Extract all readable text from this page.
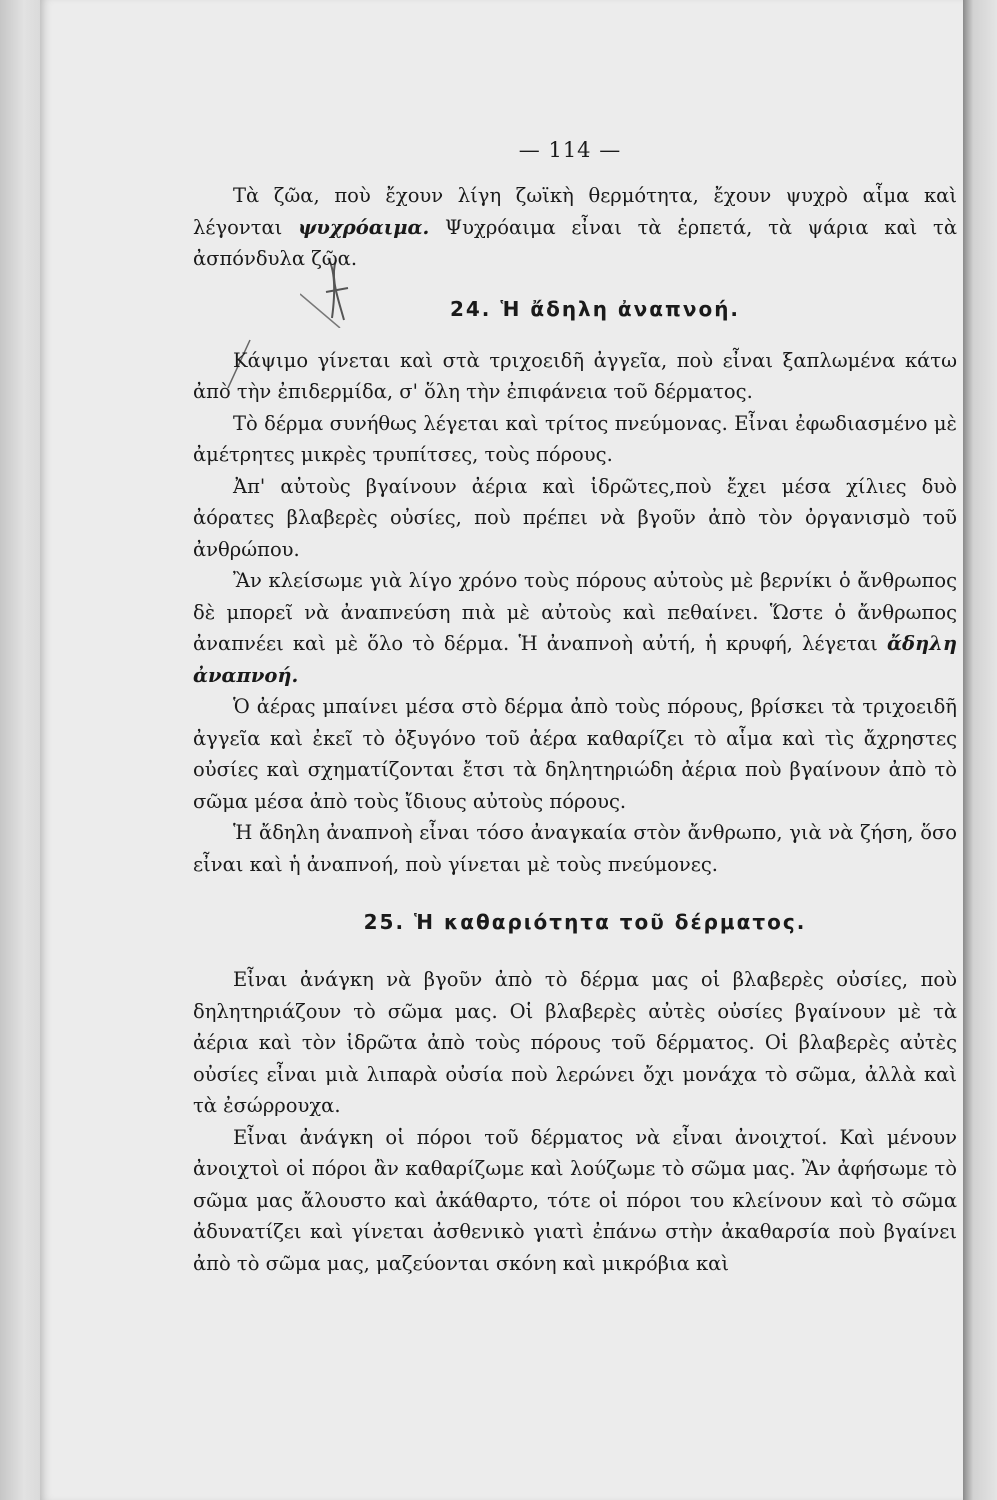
— 114 —

Τὰ ζῶα, ποὺ ἔχουν λίγη ζωϊκὴ θερμότητα, ἔχουν ψυχρὸ αἷμα καὶ λέγονται ψυχρόαιμα. Ψυχρόαιμα εἶναι τὰ ἑρπετά, τὰ ψάρια καὶ τὰ ἀσπόνδυλα ζῶα.

24. Ἡ ἄδηλη ἀναπνοή.

Κάψιμο γίνεται καὶ στὰ τριχοειδῆ ἀγγεῖα, ποὺ εἶναι ξαπλωμένα κάτω ἀπὸ τὴν ἐπιδερμίδα, σ' ὅλη τὴν ἐπιφάνεια τοῦ δέρματος.

Τὸ δέρμα συνήθως λέγεται καὶ τρίτος πνεύμονας. Εἶναι ἐφωδιασμένο μὲ ἀμέτρητες μικρὲς τρυπίτσες, τοὺς πόρους.

Ἀπ' αὐτοὺς βγαίνουν ἀέρια καὶ ἱδρῶτες,ποὺ ἔχει μέσα χίλιες δυὸ ἀόρατες βλαβερὲς οὐσίες, ποὺ πρέπει νὰ βγοῦν ἀπὸ τὸν ὀργανισμὸ τοῦ ἀνθρώπου.

Ἂν κλείσωμε γιὰ λίγο χρόνο τοὺς πόρους αὐτοὺς μὲ βερνίκι ὁ ἄνθρωπος δὲ μπορεῖ νὰ ἀναπνεύση πιὰ μὲ αὐτοὺς καὶ πεθαίνει. Ὥστε ὁ ἄνθρωπος ἀναπνέει καὶ μὲ ὅλο τὸ δέρμα. Ἡ ἀναπνοὴ αὐτή, ἡ κρυφή, λέγεται ἄδηλη ἀναπνοή.

Ὁ ἀέρας μπαίνει μέσα στὸ δέρμα ἀπὸ τοὺς πόρους, βρίσκει τὰ τριχοειδῆ ἀγγεῖα καὶ ἐκεῖ τὸ ὀξυγόνο τοῦ ἀέρα καθαρίζει τὸ αἷμα καὶ τὶς ἄχρηστες οὐσίες καὶ σχηματίζονται ἔτσι τὰ δηλητηριώδη ἀέρια ποὺ βγαίνουν ἀπὸ τὸ σῶμα μέσα ἀπὸ τοὺς ἴδιους αὐτοὺς πόρους.

Ἡ ἄδηλη ἀναπνοὴ εἶναι τόσο ἀναγκαία στὸν ἄνθρωπο, γιὰ νὰ ζήση, ὅσο εἶναι καὶ ἡ ἀναπνοή, ποὺ γίνεται μὲ τοὺς πνεύμονες.

25. Ἡ καθαριότητα τοῦ δέρματος.

Εἶναι ἀνάγκη νὰ βγοῦν ἀπὸ τὸ δέρμα μας οἱ βλαβερὲς οὐσίες, ποὺ δηλητηριάζουν τὸ σῶμα μας. Οἱ βλαβερὲς αὐτὲς οὐσίες βγαίνουν μὲ τὰ ἀέρια καὶ τὸν ἱδρῶτα ἀπὸ τοὺς πόρους τοῦ δέρματος. Οἱ βλαβερὲς αὐτὲς οὐσίες εἶναι μιὰ λιπαρὰ οὐσία ποὺ λερώνει ὄχι μονάχα τὸ σῶμα, ἀλλὰ καὶ τὰ ἐσώρρουχα.

Εἶναι ἀνάγκη οἱ πόροι τοῦ δέρματος νὰ εἶναι ἀνοιχτοί. Καὶ μένουν ἀνοιχτοὶ οἱ πόροι ἂν καθαρίζωμε καὶ λούζωμε τὸ σῶμα μας. Ἂν ἀφήσωμε τὸ σῶμα μας ἄλουστο καὶ ἀκάθαρτο, τότε οἱ πόροι του κλείνουν καὶ τὸ σῶμα ἀδυνατίζει καὶ γίνεται ἀσθενικὸ γιατὶ ἐπάνω στὴν ἀκαθαρσία ποὺ βγαίνει ἀπὸ τὸ σῶμα μας, μαζεύονται σκόνη καὶ μικρόβια καὶ
